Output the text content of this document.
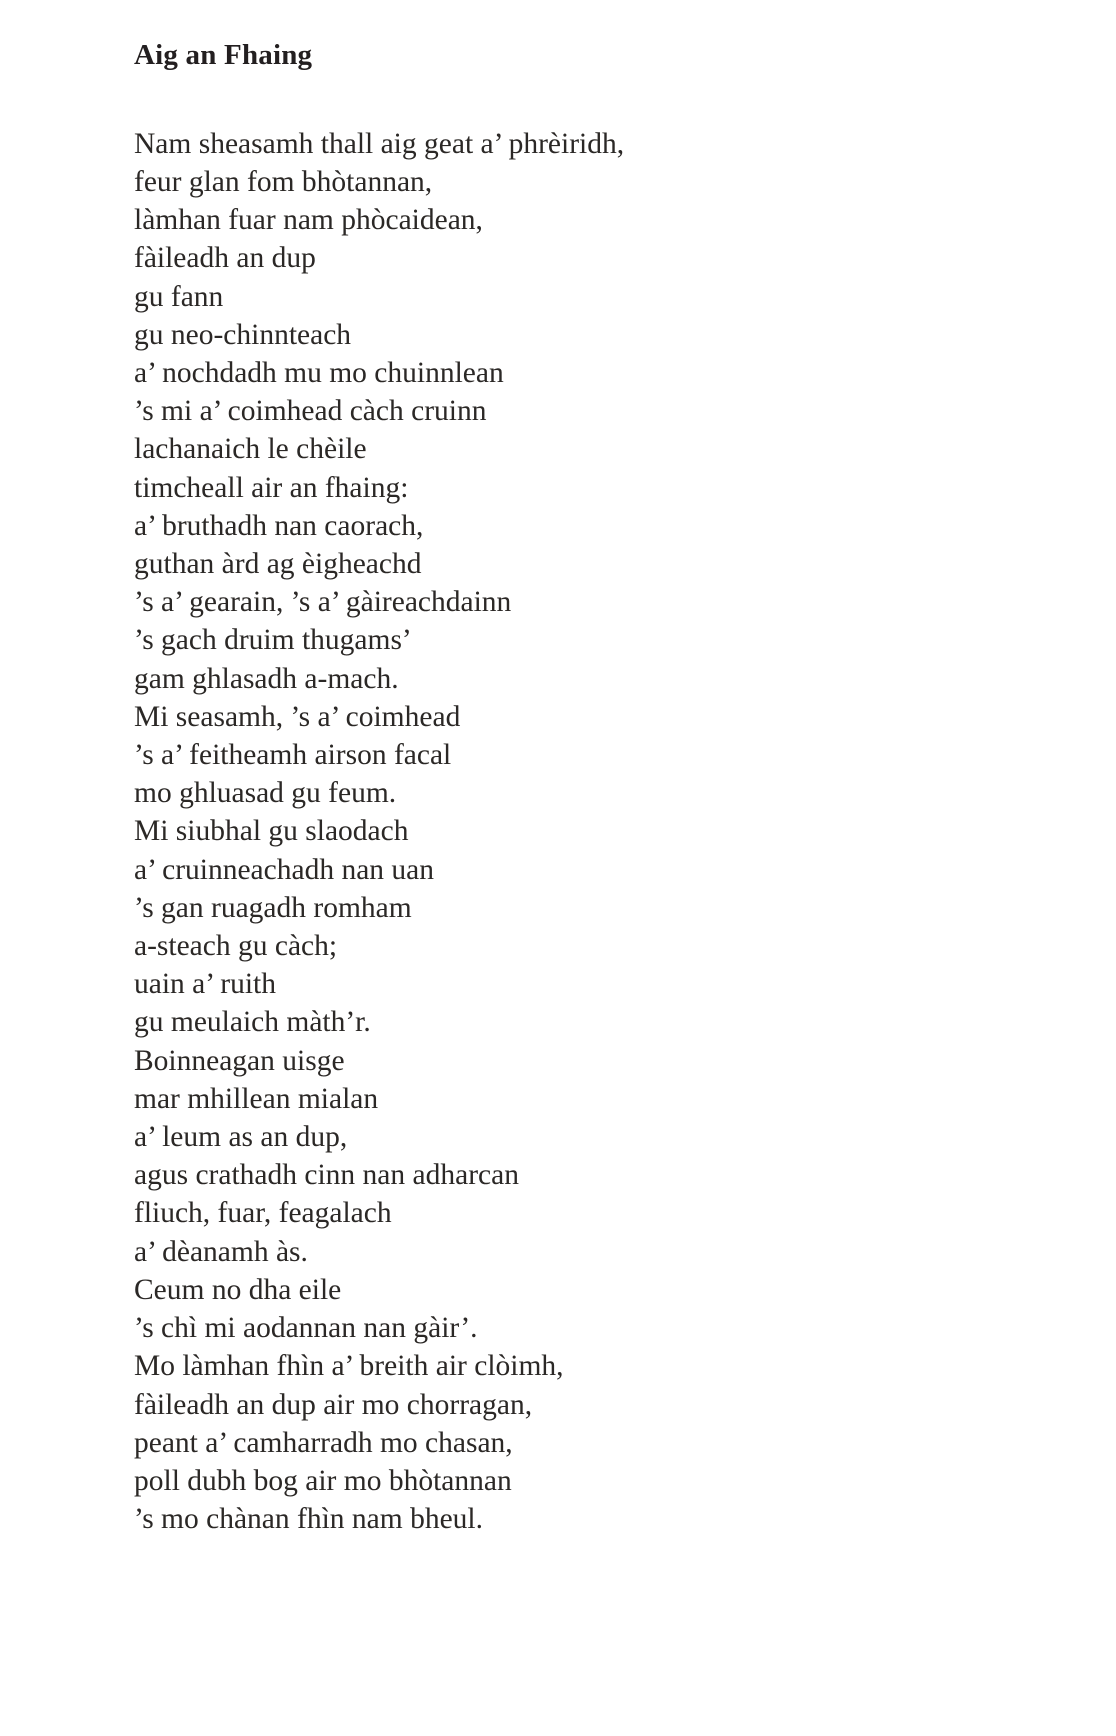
Aig an Fhaing
Nam sheasamh thall aig geat a’ phrèiridh,
feur glan fom bhòtannan,
làmhan fuar nam phòcaidean,
fàileadh an dup
gu fann
gu neo-chinnteach
a’ nochdadh mu mo chuinnlean
’s mi a’ coimhead càch cruinn
lachanaich le chèile
timcheall air an fhaing:
a’ bruthadh nan caorach,
guthan àrd ag èigheachd
’s a’ gearain, ’s a’ gàireachdainn
’s gach druim thugams’
gam ghlasadh a-mach.
Mi seasamh, ’s a’ coimhead
’s a’ feitheamh airson facal
mo ghluasad gu feum.
Mi siubhal gu slaodach
a’ cruinneachadh nan uan
’s gan ruagadh romham
a-steach gu càch;
uain a’ ruith
gu meulaich màth’r.
Boinneagan uisge
mar mhillean mialan
a’ leum as an dup,
agus crathadh cinn nan adharcan
fliuch, fuar, feagalach
a’ dèanamh às.
Ceum no dha eile
’s chì mi aodannan nan gàir’.
Mo làmhan fhìn a’ breith air clòimh,
fàileadh an dup air mo chorragan,
peant a’ camharradh mo chasan,
poll dubh bog air mo bhòtannan
’s mo chànan fhìn nam bheul.
